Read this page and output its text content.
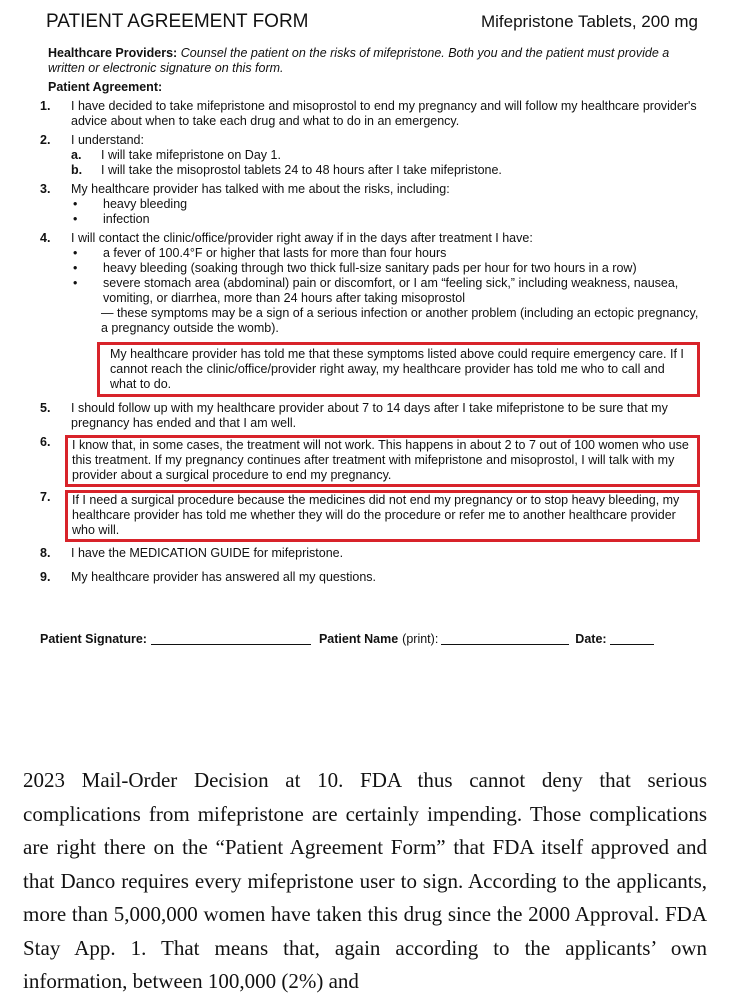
PATIENT AGREEMENT FORM	Mifepristone Tablets, 200 mg
Healthcare Providers: Counsel the patient on the risks of mifepristone. Both you and the patient must provide a written or electronic signature on this form.
Patient Agreement:
1.	I have decided to take mifepristone and misoprostol to end my pregnancy and will follow my healthcare provider's advice about when to take each drug and what to do in an emergency.
2.	I understand:
a.	I will take mifepristone on Day 1.
b.	I will take the misoprostol tablets 24 to 48 hours after I take mifepristone.
3.	My healthcare provider has talked with me about the risks, including:
•	heavy bleeding
•	infection
4.	I will contact the clinic/office/provider right away if in the days after treatment I have:
•	a fever of 100.4°F or higher that lasts for more than four hours
•	heavy bleeding (soaking through two thick full-size sanitary pads per hour for two hours in a row)
•	severe stomach area (abdominal) pain or discomfort, or I am “feeling sick,” including weakness, nausea, vomiting, or diarrhea, more than 24 hours after taking misoprostol
— these symptoms may be a sign of a serious infection or another problem (including an ectopic pregnancy, a pregnancy outside the womb).
My healthcare provider has told me that these symptoms listed above could require emergency care. If I cannot reach the clinic/office/provider right away, my healthcare provider has told me who to call and what to do.
5.	I should follow up with my healthcare provider about 7 to 14 days after I take mifepristone to be sure that my pregnancy has ended and that I am well.
6.	I know that, in some cases, the treatment will not work. This happens in about 2 to 7 out of 100 women who use this treatment. If my pregnancy continues after treatment with mifepristone and misoprostol, I will talk with my provider about a surgical procedure to end my pregnancy.
7.	If I need a surgical procedure because the medicines did not end my pregnancy or to stop heavy bleeding, my healthcare provider has told me whether they will do the procedure or refer me to another healthcare provider who will.
8.	I have the MEDICATION GUIDE for mifepristone.
9.	My healthcare provider has answered all my questions.
Patient Signature:	Patient Name (print):	Date:
2023 Mail-Order Decision at 10. FDA thus cannot deny that serious complications from mifepristone are certainly impending. Those complications are right there on the “Patient Agreement Form” that FDA itself approved and that Danco requires every mifepristone user to sign. According to the applicants, more than 5,000,000 women have taken this drug since the 2000 Approval. FDA Stay App. 1. That means that, again according to the applicants’ own information, between 100,000 (2%) and
